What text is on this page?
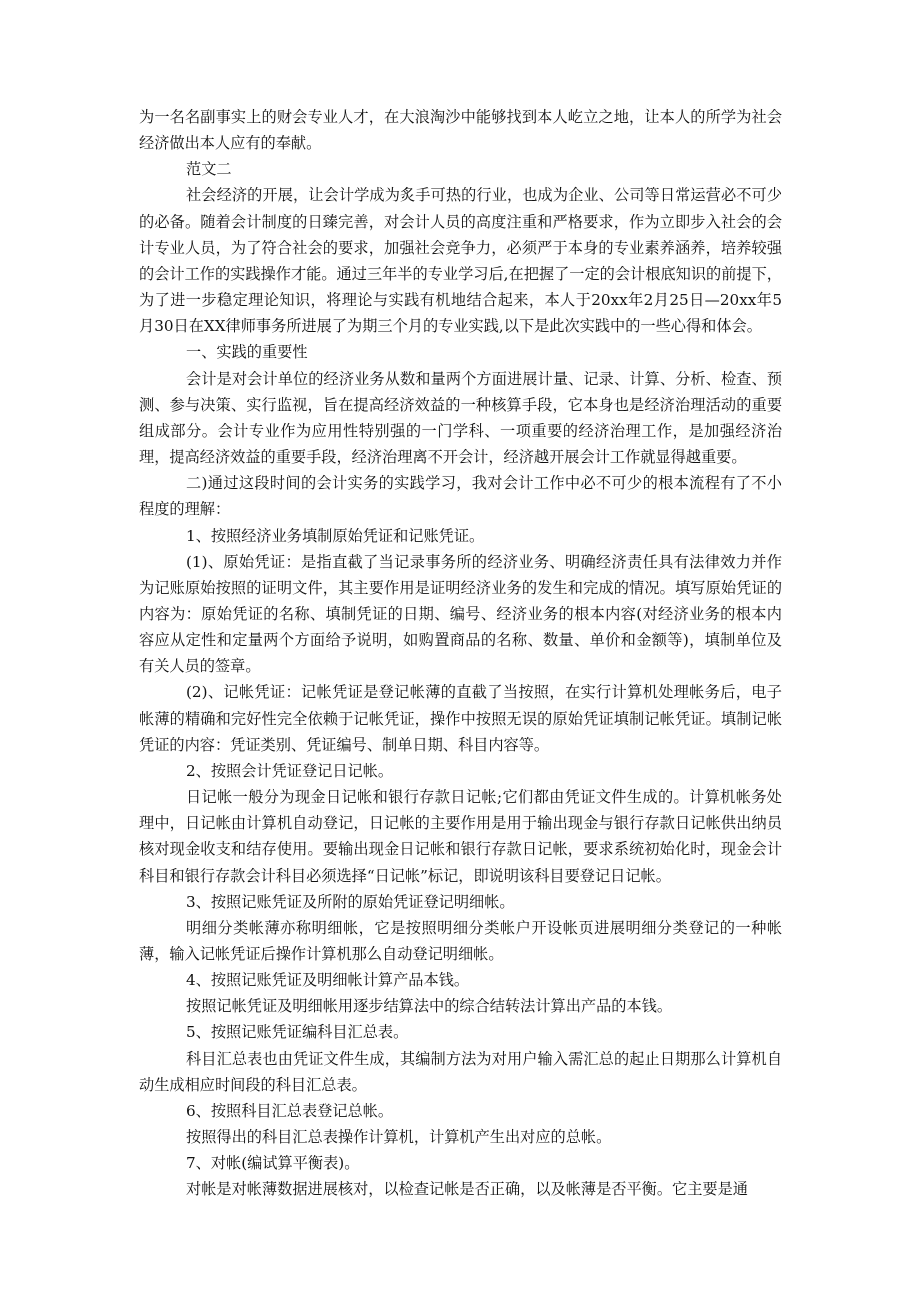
为一名名副事实上的财会专业人才，在大浪淘沙中能够找到本人屹立之地，让本人的所学为社会经济做出本人应有的奉献。

范文二

社会经济的开展，让会计学成为炙手可热的行业，也成为企业、公司等日常运营必不可少的必备。随着会计制度的日臻完善，对会计人员的高度注重和严格要求，作为立即步入社会的会计专业人员，为了符合社会的要求，加强社会竞争力，必须严于本身的专业素养涵养，培养较强的会计工作的实践操作才能。通过三年半的专业学习后,在把握了一定的会计根底知识的前提下，为了进一步稳定理论知识，将理论与实践有机地结合起来，本人于20xx年2月25日—20xx年5月30日在XX律师事务所进展了为期三个月的专业实践,以下是此次实践中的一些心得和体会。

一、实践的重要性

会计是对会计单位的经济业务从数和量两个方面进展计量、记录、计算、分析、检查、预测、参与决策、实行监视，旨在提高经济效益的一种核算手段，它本身也是经济治理活动的重要组成部分。会计专业作为应用性特别强的一门学科、一项重要的经济治理工作，是加强经济治理，提高经济效益的重要手段，经济治理离不开会计，经济越开展会计工作就显得越重要。

二)通过这段时间的会计实务的实践学习，我对会计工作中必不可少的根本流程有了不小程度的理解：

1、按照经济业务填制原始凭证和记账凭证。

(1)、原始凭证：是指直截了当记录事务所的经济业务、明确经济责任具有法律效力并作为记账原始按照的证明文件，其主要作用是证明经济业务的发生和完成的情况。填写原始凭证的内容为：原始凭证的名称、填制凭证的日期、编号、经济业务的根本内容(对经济业务的根本内容应从定性和定量两个方面给予说明，如购置商品的名称、数量、单价和金额等)，填制单位及有关人员的签章。

(2)、记帐凭证：记帐凭证是登记帐薄的直截了当按照，在实行计算机处理帐务后，电子帐薄的精确和完好性完全依赖于记帐凭证，操作中按照无误的原始凭证填制记帐凭证。填制记帐凭证的内容：凭证类别、凭证编号、制单日期、科目内容等。

2、按照会计凭证登记日记帐。

日记帐一般分为现金日记帐和银行存款日记帐;它们都由凭证文件生成的。计算机帐务处理中，日记帐由计算机自动登记，日记帐的主要作用是用于输出现金与银行存款日记帐供出纳员核对现金收支和结存使用。要输出现金日记帐和银行存款日记帐，要求系统初始化时，现金会计科目和银行存款会计科目必须选择“日记帐”标记，即说明该科目要登记日记帐。

3、按照记账凭证及所附的原始凭证登记明细帐。

明细分类帐薄亦称明细帐，它是按照明细分类帐户开设帐页进展明细分类登记的一种帐薄，输入记帐凭证后操作计算机那么自动登记明细帐。

4、按照记账凭证及明细帐计算产品本钱。

按照记帐凭证及明细帐用逐步结算法中的综合结转法计算出产品的本钱。

5、按照记账凭证编科目汇总表。

科目汇总表也由凭证文件生成，其编制方法为对用户输入需汇总的起止日期那么计算机自动生成相应时间段的科目汇总表。

6、按照科目汇总表登记总帐。

按照得出的科目汇总表操作计算机，计算机产生出对应的总帐。

7、对帐(编试算平衡表)。

对帐是对帐薄数据进展核对，以检查记帐是否正确，以及帐薄是否平衡。它主要是通
